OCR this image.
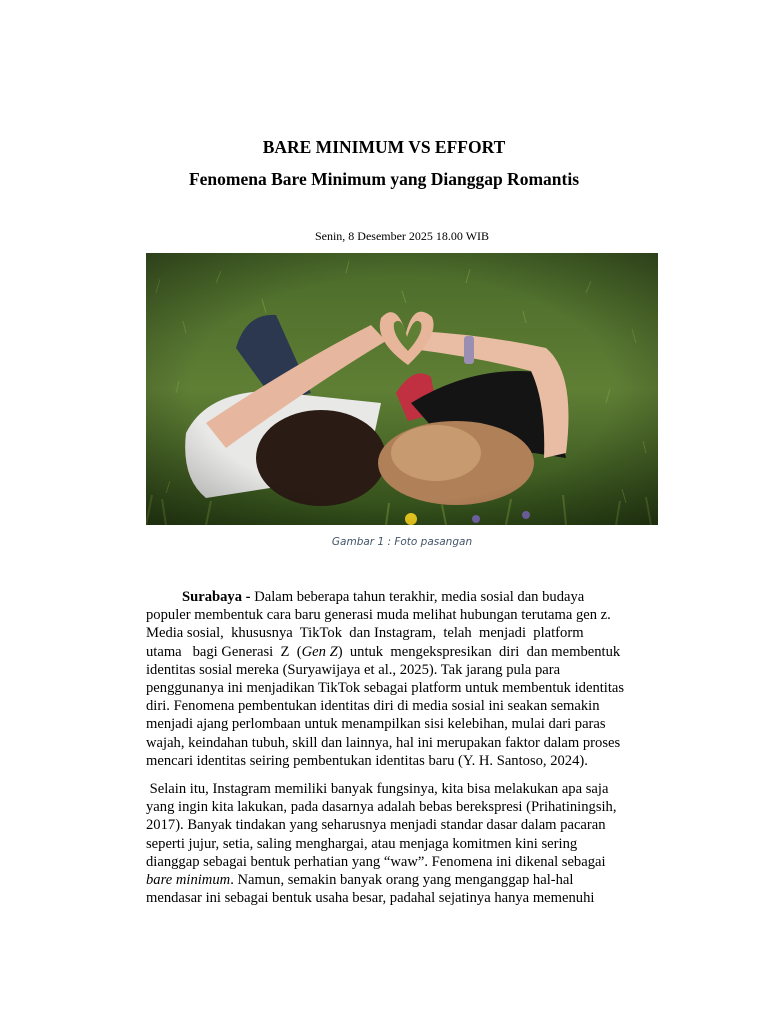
BARE MINIMUM VS EFFORT
Fenomena Bare Minimum yang Dianggap Romantis
Senin, 8 Desember 2025 18.00 WIB
Gambar 1 : Foto pasangan

Surabaya - Dalam beberapa tahun terakhir, media sosial dan budaya
populer membentuk cara baru generasi muda melihat hubungan terutama gen z.
Media sosial,  khususnya  TikTok  dan Instagram,  telah  menjadi  platform
utama   bagi Generasi  Z  (Gen Z)  untuk  mengekspresikan  diri  dan membentuk
identitas sosial mereka (Suryawijaya et al., 2025). Tak jarang pula para
penggunanya ini menjadikan TikTok sebagai platform untuk membentuk identitas
diri. Fenomena pembentukan identitas diri di media sosial ini seakan semakin
menjadi ajang perlombaan untuk menampilkan sisi kelebihan, mulai dari paras
wajah, keindahan tubuh, skill dan lainnya, hal ini merupakan faktor dalam proses
mencari identitas seiring pembentukan identitas baru (Y. H. Santoso, 2024).

Selain itu, Instagram memiliki banyak fungsinya, kita bisa melakukan apa saja
yang ingin kita lakukan, pada dasarnya adalah bebas berekspresi (Prihatiningsih,
2017). Banyak tindakan yang seharusnya menjadi standar dasar dalam pacaran
seperti jujur, setia, saling menghargai, atau menjaga komitmen kini sering
dianggap sebagai bentuk perhatian yang “waw”. Fenomena ini dikenal sebagai
bare minimum. Namun, semakin banyak orang yang menganggap hal-hal
mendasar ini sebagai bentuk usaha besar, padahal sejatinya hanya memenuhi
